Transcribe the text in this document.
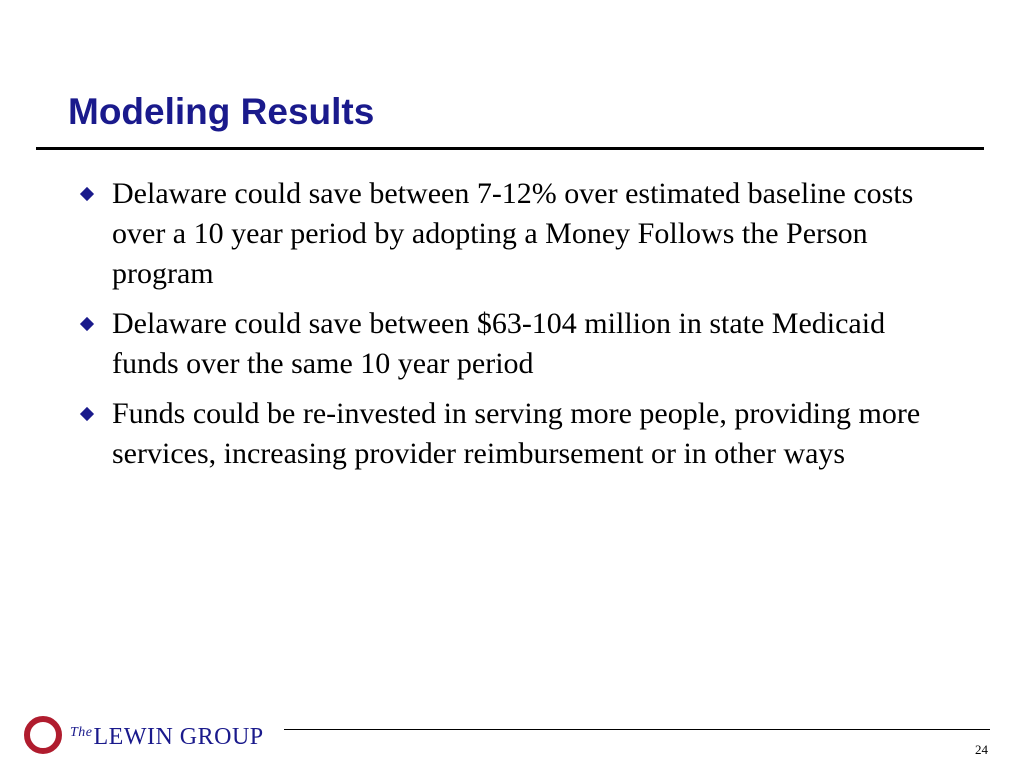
Modeling Results
Delaware could save between 7-12% over estimated baseline costs over a 10 year period by adopting a Money Follows the Person program
Delaware could save between $63-104 million in state Medicaid funds over the same 10 year period
Funds could be re-invested in serving more people, providing more services, increasing provider reimbursement or in other ways
$^{The}$LEWIN GROUP	24
